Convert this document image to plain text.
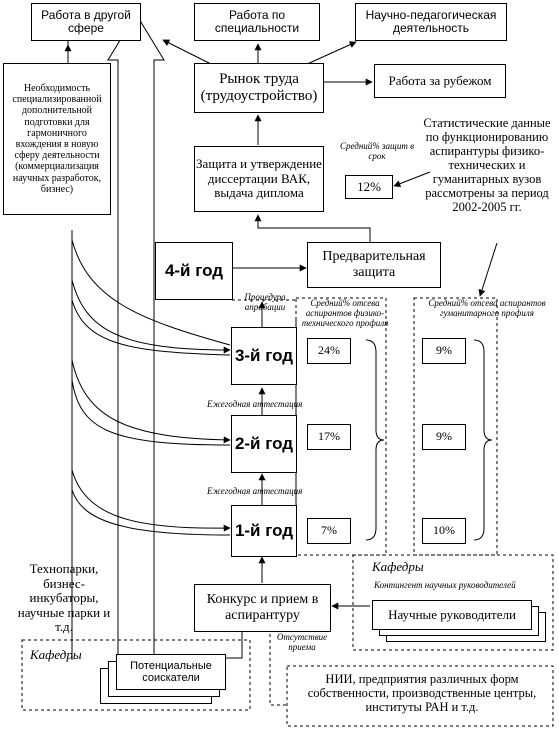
Работа в другой сфере
Работа по специальности
Научно-педагогическая деятельность
Необходимость специализированной дополнительной подготовки для гармоничного вхождения в новую сферу деятельности (коммерциализация научных разработок, бизнес)
Рынок труда (трудоустройство)
Работа за рубежом
Защита и утверждение диссертации ВАК, выдача диплома
Средний% защит в срок
12%
Статистические данные по функционированию аспирантуры физико-технических и гуманитарных вузов рассмотрены за период 2002-2005 гг.
4-й год
Предварительная защита
Процедура апробации	Средний% отсева аспирантов физико-технического профиля
Средний% отсева аспирантов гуманитарного профиля
3-й год	24%	9%
Ежегодная аттестация
2-й год	17%	9%
Ежегодная аттестация
1-й год	7%	10%
Технопарки, бизнес-инкубаторы, научные парки и т.д.
Конкурс и прием в аспирантуру
Кафедры
Контингент научных руководителей
Научные руководители
Кафедры
Потенциальные соискатели
Отсутствие приема
НИИ, предприятия различных форм собственности, производственные центры, институты РАН и т.д.
